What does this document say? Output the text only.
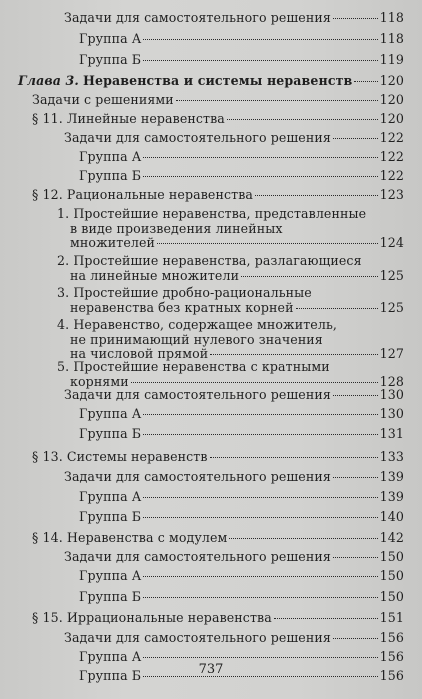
Задачи для самостоятельного решения	118
Группа А	118
Группа Б	119
Глава 3. Неравенства и системы неравенств 120
Задачи с решениями	120
§ 11. Линейные неравенства	120
Задачи для самостоятельного решения	122
Группа А	122
Группа Б	122
§ 12. Рациональные неравенства	123
1. Простейшие неравенства, представленные
в виде произведения линейных
множителей	124
2. Простейшие неравенства, разлагающиеся
на линейные множители	125
3. Простейшие дробно-рациональные
неравенства без кратных корней	125
4. Неравенство, содержащее множитель,
не принимающий нулевого значения
на числовой прямой	127
5. Простейшие неравенства с кратными
корнями	128
Задачи для самостоятельного решения	130
Группа А	130
Группа Б	131
§ 13. Системы неравенств	133
Задачи для самостоятельного решения	139
Группа А	139
Группа Б	140
§ 14. Неравенства с модулем	142
Задачи для самостоятельного решения	150
Группа А	150
Группа Б	150
§ 15. Иррациональные неравенства	151
Задачи для самостоятельного решения	156
Группа А	156
Группа Б	156
737
